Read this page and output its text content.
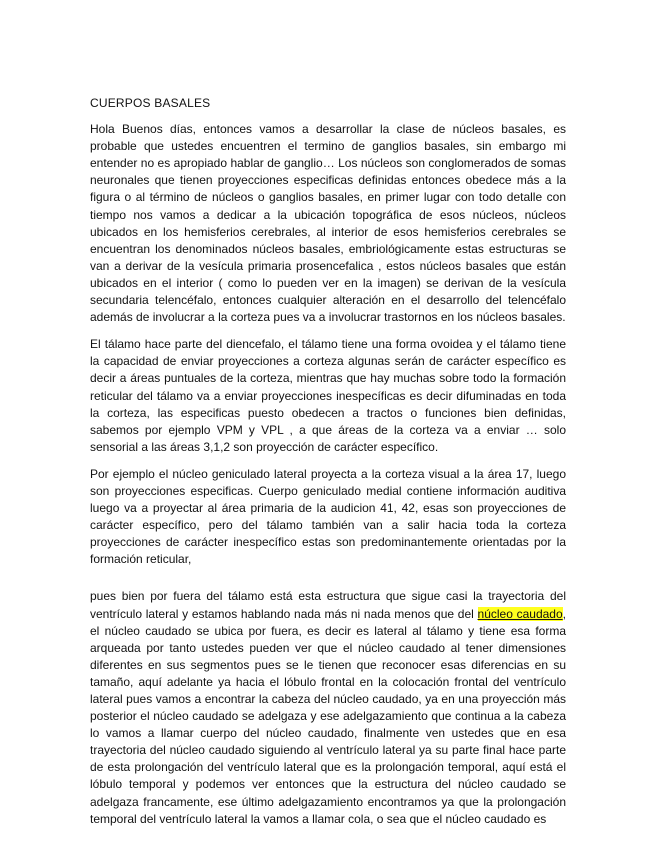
CUERPOS BASALES

Hola Buenos días, entonces vamos a desarrollar la clase de núcleos basales, es probable que ustedes encuentren el termino de ganglios basales, sin embargo mi entender no es apropiado hablar de ganglio… Los núcleos son conglomerados de somas neuronales que tienen proyecciones especificas definidas entonces obedece más a la figura o al término de núcleos o ganglios basales, en primer lugar con todo detalle con tiempo nos vamos a dedicar a la ubicación topográfica de esos núcleos, núcleos ubicados en los hemisferios cerebrales, al interior de esos hemisferios cerebrales se encuentran los denominados núcleos basales, embriológicamente estas estructuras se van a derivar de la vesícula primaria prosencefalica , estos núcleos basales que están ubicados en el interior ( como lo pueden ver en la imagen) se derivan de la vesícula secundaria telencéfalo, entonces cualquier alteración en el desarrollo del telencéfalo además de involucrar a la corteza pues va a involucrar trastornos en los núcleos basales.

El tálamo hace parte del diencefalo, el tálamo tiene una forma ovoidea y el tálamo tiene la capacidad de enviar proyecciones a corteza algunas serán de carácter específico es decir a áreas puntuales de la corteza, mientras que hay muchas sobre todo la formación reticular del tálamo va a enviar proyecciones inespecíficas es decir difuminadas en toda la corteza, las especificas puesto obedecen a tractos o funciones bien definidas, sabemos por ejemplo VPM y VPL , a que áreas de la corteza va a enviar … solo sensorial a las áreas 3,1,2 son proyección de carácter específico.

Por ejemplo el núcleo geniculado lateral proyecta a la corteza visual a la área 17, luego son proyecciones especificas. Cuerpo geniculado medial contiene información auditiva luego va a proyectar al área primaria de la audicion 41, 42, esas son proyecciones de carácter específico, pero del tálamo también van a salir hacia toda la corteza proyecciones de carácter inespecífico estas son predominantemente orientadas por la formación reticular,

pues bien por fuera del tálamo está esta estructura que sigue casi la trayectoria del ventrículo lateral y estamos hablando nada más ni nada menos que del núcleo caudado, el núcleo caudado se ubica por fuera, es decir es lateral al tálamo y tiene esa forma arqueada por tanto ustedes pueden ver que el núcleo caudado al tener dimensiones diferentes en sus segmentos pues se le tienen que reconocer esas diferencias en su tamaño, aquí adelante ya hacia el lóbulo frontal en la colocación frontal del ventrículo lateral pues vamos a encontrar la cabeza del núcleo caudado, ya en una proyección más posterior el núcleo caudado se adelgaza y ese adelgazamiento que continua a la cabeza lo vamos a llamar cuerpo del núcleo caudado, finalmente ven ustedes que en esa trayectoria del núcleo caudado siguiendo al ventrículo lateral ya su parte final hace parte de esta prolongación del ventrículo lateral que es la prolongación temporal, aquí está el lóbulo temporal y podemos ver entonces que la estructura del núcleo caudado se adelgaza francamente, ese último adelgazamiento encontramos ya que la prolongación temporal del ventrículo lateral la vamos a llamar cola, o sea que el núcleo caudado es
